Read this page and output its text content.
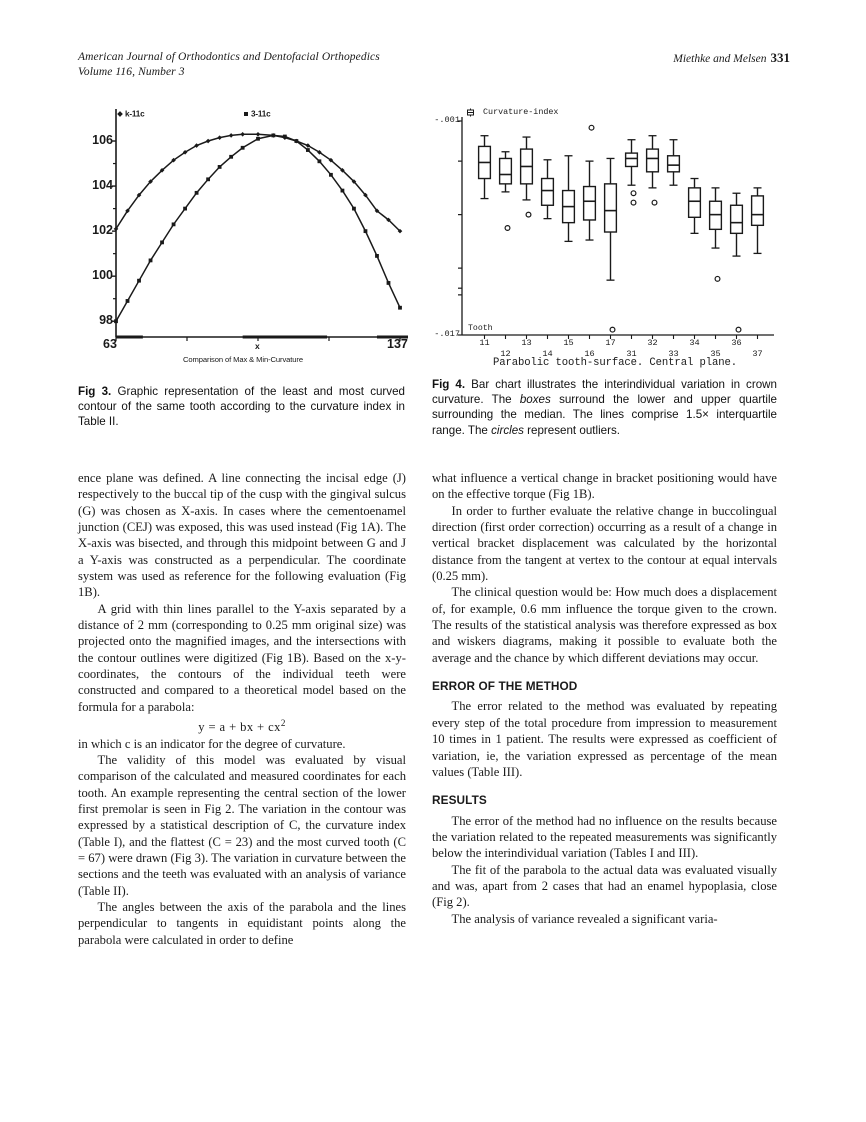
American Journal of Orthodontics and Dentofacial Orthopedics
Volume 116, Number 3
Miethke and Melsen 331
k-11c	3-11c
98
100
102
104
106
63	x	137
Comparison of Max & Min-Curvature
Fig 3. Graphic representation of the least and most curved contour of the same tooth according to the curvature index in Table II.
Curvature-index
-.001
-.017
Tooth
11
12
13
14
15
16
17
31
32
33
34
35
36
37
Parabolic tooth-surface. Central plane.
Fig 4. Bar chart illustrates the interindividual variation in crown curvature. The boxes surround the lower and upper quartile surrounding the median. The lines comprise 1.5× interquartile range. The circles represent outliers.

ence plane was defined. A line connecting the incisal edge (J) respectively to the buccal tip of the cusp with the gingival sulcus (G) was chosen as X-axis. In cases where the cementoenamel junction (CEJ) was exposed, this was used instead (Fig 1A). The X-axis was bisected, and through this midpoint between G and J a Y-axis was constructed as a perpendicular. The coordinate system was used as reference for the following evaluation (Fig 1B).

A grid with thin lines parallel to the Y-axis separated by a distance of 2 mm (corresponding to 0.25 mm original size) was projected onto the magnified images, and the intersections with the contour outlines were digitized (Fig 1B). Based on the x-y-coordinates, the contours of the individual teeth were constructed and compared to a theoretical model based on the formula for a parabola:

y = a + bx + $cx^2$

in which c is an indicator for the degree of curvature.

The validity of this model was evaluated by visual comparison of the calculated and measured coordinates for each tooth. An example representing the central section of the lower first premolar is seen in Fig 2. The variation in the contour was expressed by a statistical description of C, the curvature index (Table I), and the flattest (C = 23) and the most curved tooth (C = 67) were drawn (Fig 3). The variation in curvature between the sections and the teeth was evaluated with an analysis of variance (Table II).

The angles between the axis of the parabola and the lines perpendicular to tangents in equidistant points along the parabola were calculated in order to define

what influence a vertical change in bracket positioning would have on the effective torque (Fig 1B).

In order to further evaluate the relative change in buccolingual direction (first order correction) occurring as a result of a change in vertical bracket displacement was calculated by the horizontal distance from the tangent at vertex to the contour at equal intervals (0.25 mm).

The clinical question would be: How much does a displacement of, for example, 0.6 mm influence the torque given to the crown. The results of the statistical analysis was therefore expressed as box and wiskers diagrams, making it possible to evaluate both the average and the chance by which different deviations may occur.

ERROR OF THE METHOD

The error related to the method was evaluated by repeating every step of the total procedure from impression to measurement 10 times in 1 patient. The results were expressed as coefficient of variation, ie, the variation expressed as percentage of the mean values (Table III).

RESULTS

The error of the method had no influence on the results because the variation related to the repeated measurements was significantly below the interindividual variation (Tables I and III).

The fit of the parabola to the actual data was evaluated visually and was, apart from 2 cases that had an enamel hypoplasia, close (Fig 2).

The analysis of variance revealed a significant varia-
